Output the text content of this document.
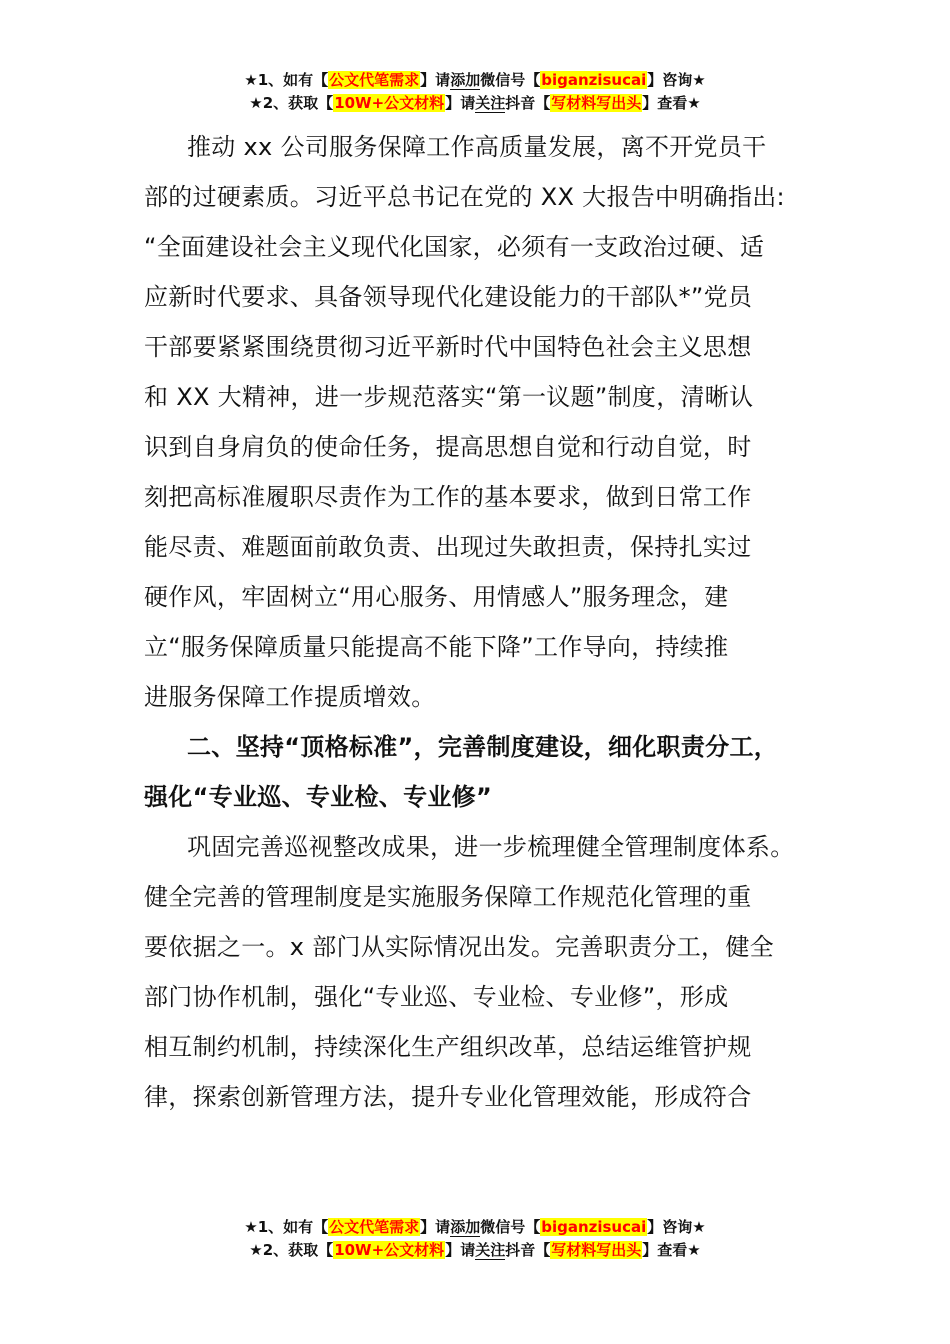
★1、如有【公文代笔需求】请添加微信号【biganzisucai】咨询★
★2、获取【10W+公文材料】请关注抖音【写材料写出头】查看★
推动 xx 公司服务保障工作高质量发展，离不开党员干
部的过硬素质。习近平总书记在党的 XX 大报告中明确指出:
“全面建设社会主义现代化国家，必须有一支政治过硬、适
应新时代要求、具备领导现代化建设能力的干部队*”党员
干部要紧紧围绕贯彻习近平新时代中国特色社会主义思想
和 XX 大精神，进一步规范落实“第一议题”制度，清晰认
识到自身肩负的使命任务，提高思想自觉和行动自觉，时
刻把高标准履职尽责作为工作的基本要求，做到日常工作
能尽责、难题面前敢负责、出现过失敢担责，保持扎实过
硬作风，牢固树立“用心服务、用情感人”服务理念，建
立“服务保障质量只能提高不能下降”工作导向，持续推
进服务保障工作提质增效。
二、坚持“顶格标准”，完善制度建设，细化职责分工，
强化“专业巡、专业检、专业修”
巩固完善巡视整改成果，进一步梳理健全管理制度体系。
健全完善的管理制度是实施服务保障工作规范化管理的重
要依据之一。x 部门从实际情况出发。完善职责分工，健全
部门协作机制，强化“专业巡、专业检、专业修”，形成
相互制约机制，持续深化生产组织改革，总结运维管护规
律，探索创新管理方法，提升专业化管理效能，形成符合
★1、如有【公文代笔需求】请添加微信号【biganzisucai】咨询★
★2、获取【10W+公文材料】请关注抖音【写材料写出头】查看★
